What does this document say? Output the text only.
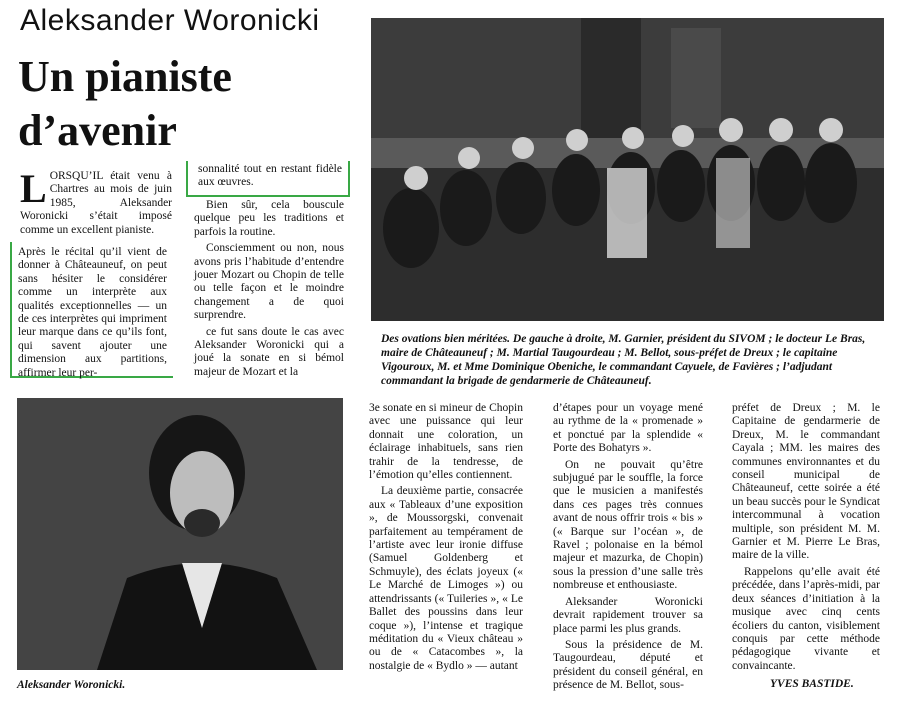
Aleksander Woronicki
Un pianiste d’avenir
LORSQU’IL était venu à Chartres au mois de juin 1985, Aleksander Woronicki s’était imposé comme un excellent pianiste.
Après le récital qu’il vient de donner à Châteauneuf, on peut sans hésiter le considérer comme un interprète aux qualités exceptionnelles — un de ces interprètes qui impriment leur marque dans ce qu’ils font, qui savent ajouter une dimension aux partitions, affirmer leur per-
sonnalité tout en restant fidèle aux œuvres.

Bien sûr, cela bouscule quelque peu les traditions et parfois la routine.

Consciemment ou non, nous avons pris l’habitude d’entendre jouer Mozart ou Chopin de telle ou telle façon et le moindre changement a de quoi surprendre.

ce fut sans doute le cas avec Aleksander Woronicki qui a joué la sonate en si bémol majeur de Mozart et la

Des ovations bien méritées. De gauche à droite, M. Garnier, président du SIVOM ; le docteur Le Bras, maire de Châteauneuf ; M. Martial Taugourdeau ; M. Bellot, sous-préfet de Dreux ; le capitaine Vigouroux, M. et Mme Dominique Obeniche, le commandant Cayuele, de Favières ; l’adjudant commandant la brigade de gendarmerie de Châteauneuf.
Aleksander Woronicki.

3e sonate en si mineur de Chopin avec une puissance qui leur donnait une coloration, un éclairage inhabituels, sans rien trahir de la tendresse, de l’émotion qu’elles contiennent.

La deuxième partie, consacrée aux « Tableaux d’une exposition », de Moussorgski, convenait parfaitement au tempérament de l’artiste avec leur ironie diffuse (Samuel Goldenberg et Schmuyle), des éclats joyeux (« Le Marché de Limoges ») ou attendrissants (« Tuileries », « Le Ballet des poussins dans leur coque »), l’intense et tragique méditation du « Vieux château » ou de « Catacombes », la nostalgie de « Bydlo » — autant

d’étapes pour un voyage mené au rythme de la « promenade » et ponctué par la splendide « Porte des Bohatyrs ».

On ne pouvait qu’être subjugué par le souffle, la force que le musicien a manifestés dans ces pages très connues avant de nous offrir trois « bis » (« Barque sur l’océan », de Ravel ; polonaise en la bémol majeur et mazurka, de Chopin) sous la pression d’une salle très nombreuse et enthousiaste.

Aleksander Woronicki devrait rapidement trouver sa place parmi les plus grands.

Sous la présidence de M. Taugourdeau, député et président du conseil général, en présence de M. Bellot, sous-

préfet de Dreux ; M. le Capitaine de gendarmerie de Dreux, M. le commandant Cayala ; MM. les maires des communes environnantes et du conseil municipal de Châteauneuf, cette soirée a été un beau succès pour le Syndicat intercommunal à vocation multiple, son président M. M. Garnier et M. Pierre Le Bras, maire de la ville.

Rappelons qu’elle avait été précédée, dans l’après-midi, par deux séances d’initiation à la musique avec cinq cents écoliers du canton, visiblement conquis par cette méthode pédagogique vivante et convaincante.

YVES BASTIDE.
